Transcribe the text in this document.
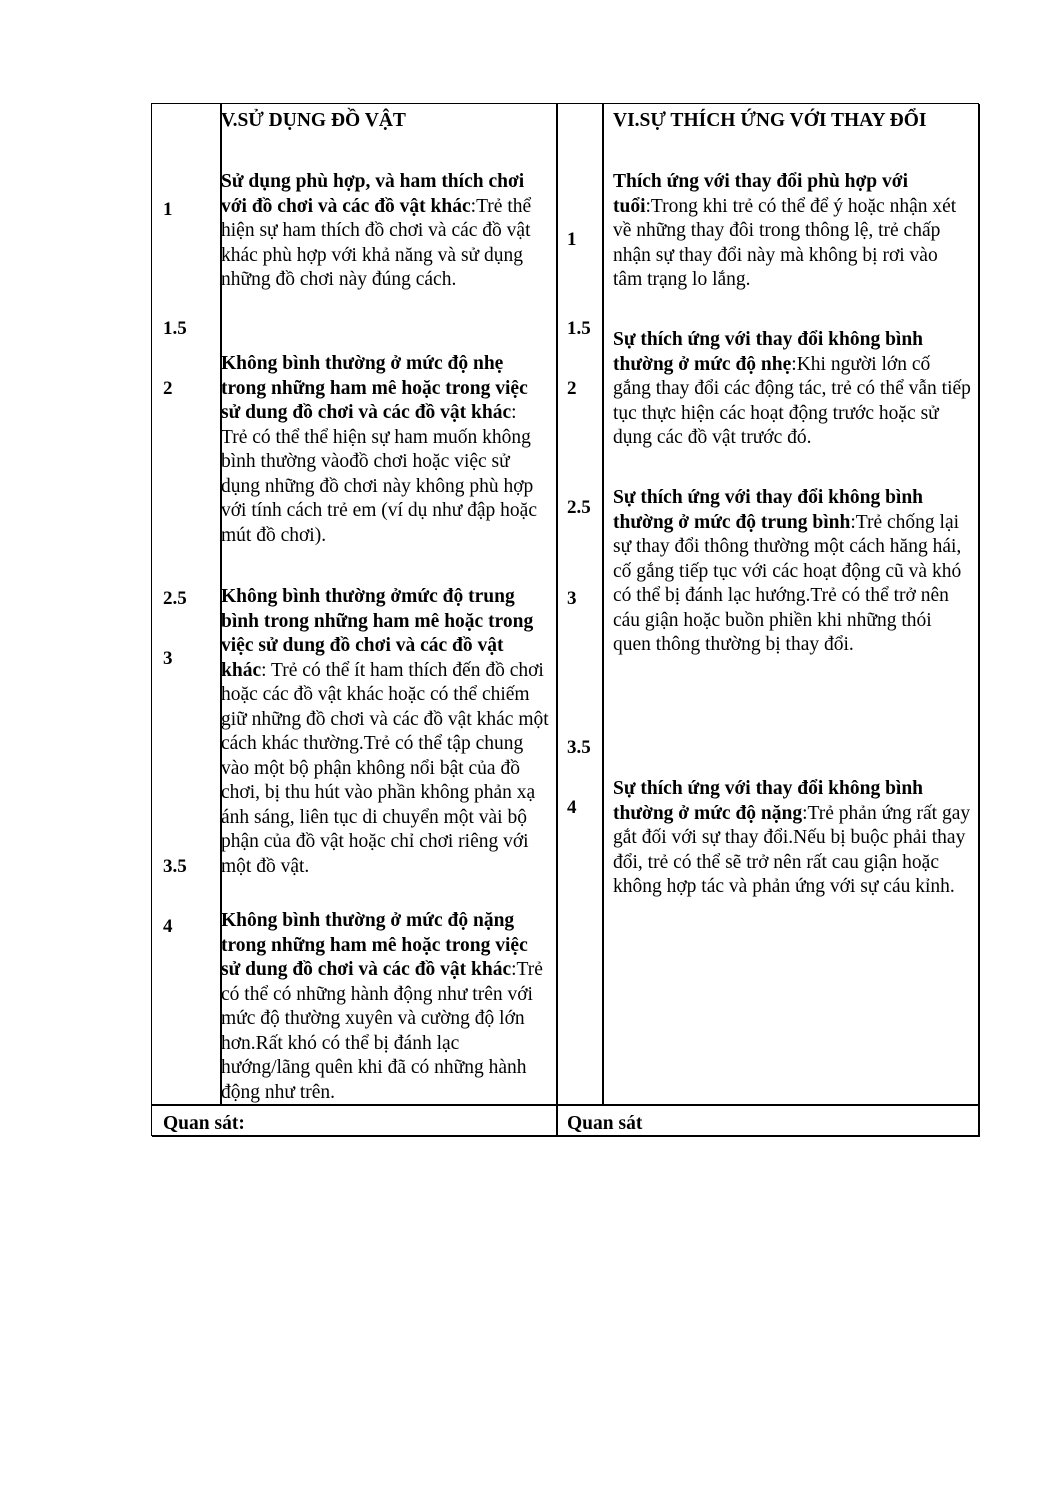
V.SỬ DỤNG ĐỒ VẬT
1
1.5
2
2.5
3
3.5
4

Sử dụng phù hợp, và ham thích chơi với đồ chơi và các đồ vật khác:Trẻ thể hiện sự ham thích đồ chơi và các đồ vật khác phù hợp với khả năng và sử dụng những đồ chơi này đúng cách.

Không bình thường ở mức độ nhẹ trong những ham mê hoặc trong việc sử dung đồ chơi và các đồ vật khác: Trẻ có thể thể hiện sự ham muốn không bình thường vàođồ chơi hoặc việc sử dụng những đồ chơi này không phù hợp với tính cách trẻ em (ví dụ như đập hoặc mút đồ chơi).

Không bình thường ởmức độ trung bình trong những ham mê hoặc trong việc sử dung đồ chơi và các đồ vật khác: Trẻ có thể ít ham thích đến đồ chơi hoặc các đồ vật khác hoặc có thể chiếm giữ những đồ chơi và các đồ vật khác một cách khác thường.Trẻ có thể tập chung vào một bộ phận không nổi bật của đồ chơi, bị thu hút vào phần không phản xạ ánh sáng, liên tục di chuyển một vài bộ phận của đồ vật hoặc chỉ chơi riêng với một đồ vật.

Không bình thường ở mức độ nặng trong những ham mê hoặc trong việc sử dung đồ chơi và các đồ vật khác:Trẻ có thể có những hành động như trên với mức độ thường xuyên và cường độ lớn hơn.Rất khó có thể bị đánh lạc hướng/lãng quên khi đã có những hành động như trên.

Quan sát:
VI.SỰ THÍCH ỨNG VỚI THAY ĐỔI
1
1.5
2
2.5
3
3.5
4

Thích ứng với thay đổi phù hợp với tuổi:Trong khi trẻ có thể để ý hoặc nhận xét về những thay đôi trong thông lệ, trẻ chấp nhận sự thay đổi này mà không bị rơi vào tâm trạng lo lắng.

Sự thích ứng với thay đổi không bình thường ở mức độ nhẹ:Khi người lớn cố gắng thay đổi các động tác, trẻ có thể vẫn tiếp tục thực hiện các hoạt động trước hoặc sử dụng các đồ vật trước đó.

Sự thích ứng với thay đổi không bình thường ở mức độ trung bình:Trẻ chống lại sự thay đổi thông thường một cách hăng hái, cố gắng tiếp tục với các hoạt động cũ và khó có thể bị đánh lạc hướng.Trẻ có thể trở nên cáu giận hoặc buồn phiền khi những thói quen thông thường bị thay đổi.

Sự thích ứng với thay đổi không bình thường ở mức độ nặng:Trẻ phản ứng rất gay gắt đối với sự thay đổi.Nếu bị buộc phải thay đổi, trẻ có thể sẽ trở nên rất cau giận hoặc không hợp tác và phản ứng với sự cáu kỉnh.

Quan sát
